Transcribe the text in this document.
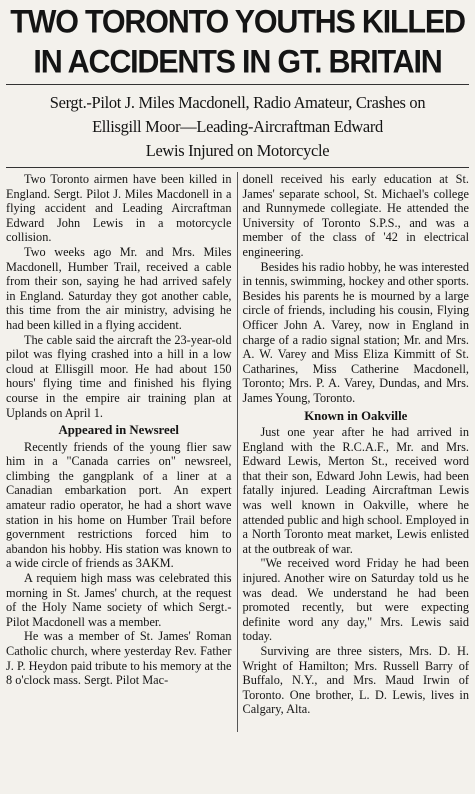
TWO TORONTO YOUTHS KILLED
IN ACCIDENTS IN GT. BRITAIN
Sergt.-Pilot J. Miles Macdonell, Radio Amateur, Crashes on
Ellisgill Moor—Leading-Aircraftman Edward
Lewis Injured on Motorcycle

Two Toronto airmen have been killed in England. Sergt. Pilot J. Miles Macdonell in a flying accident and Leading Aircraftman Edward John Lewis in a motorcycle collision.

Two weeks ago Mr. and Mrs. Miles Macdonell, Humber Trail, received a cable from their son, saying he had arrived safely in England. Saturday they got another cable, this time from the air ministry, advising he had been killed in a flying accident.

The cable said the aircraft the 23-year-old pilot was flying crashed into a hill in a low cloud at Ellisgill moor. He had about 150 hours' flying time and finished his flying course in the empire air training plan at Uplands on April 1.

Appeared in Newsreel

Recently friends of the young flier saw him in a "Canada carries on" newsreel, climbing the gangplank of a liner at a Canadian embarkation port. An expert amateur radio operator, he had a short wave station in his home on Humber Trail before government restrictions forced him to abandon his hobby. His station was known to a wide circle of friends as 3AKM.

A requiem high mass was celebrated this morning in St. James' church, at the request of the Holy Name society of which Sergt.-Pilot Macdonell was a member.

He was a member of St. James' Roman Catholic church, where yesterday Rev. Father J. P. Heydon paid tribute to his memory at the 8 o'clock mass. Sergt. Pilot Mac-

donell received his early education at St. James' separate school, St. Michael's college and Runnymede collegiate. He attended the University of Toronto S.P.S., and was a member of the class of '42 in electrical engineering.

Besides his radio hobby, he was interested in tennis, swimming, hockey and other sports. Besides his parents he is mourned by a large circle of friends, including his cousin, Flying Officer John A. Varey, now in England in charge of a radio signal station; Mr. and Mrs. A. W. Varey and Miss Eliza Kimmitt of St. Catharines, Miss Catherine Macdonell, Toronto; Mrs. P. A. Varey, Dundas, and Mrs. James Young, Toronto.

Known in Oakville

Just one year after he had arrived in England with the R.C.A.F., Mr. and Mrs. Edward Lewis, Merton St., received word that their son, Edward John Lewis, had been fatally injured. Leading Aircraftman Lewis was well known in Oakville, where he attended public and high school. Employed in a North Toronto meat market, Lewis enlisted at the outbreak of war.

"We received word Friday he had been injured. Another wire on Saturday told us he was dead. We understand he had been promoted recently, but were expecting definite word any day," Mrs. Lewis said today.

Surviving are three sisters, Mrs. D. H. Wright of Hamilton; Mrs. Russell Barry of Buffalo, N.Y., and Mrs. Maud Irwin of Toronto. One brother, L. D. Lewis, lives in Calgary, Alta.
